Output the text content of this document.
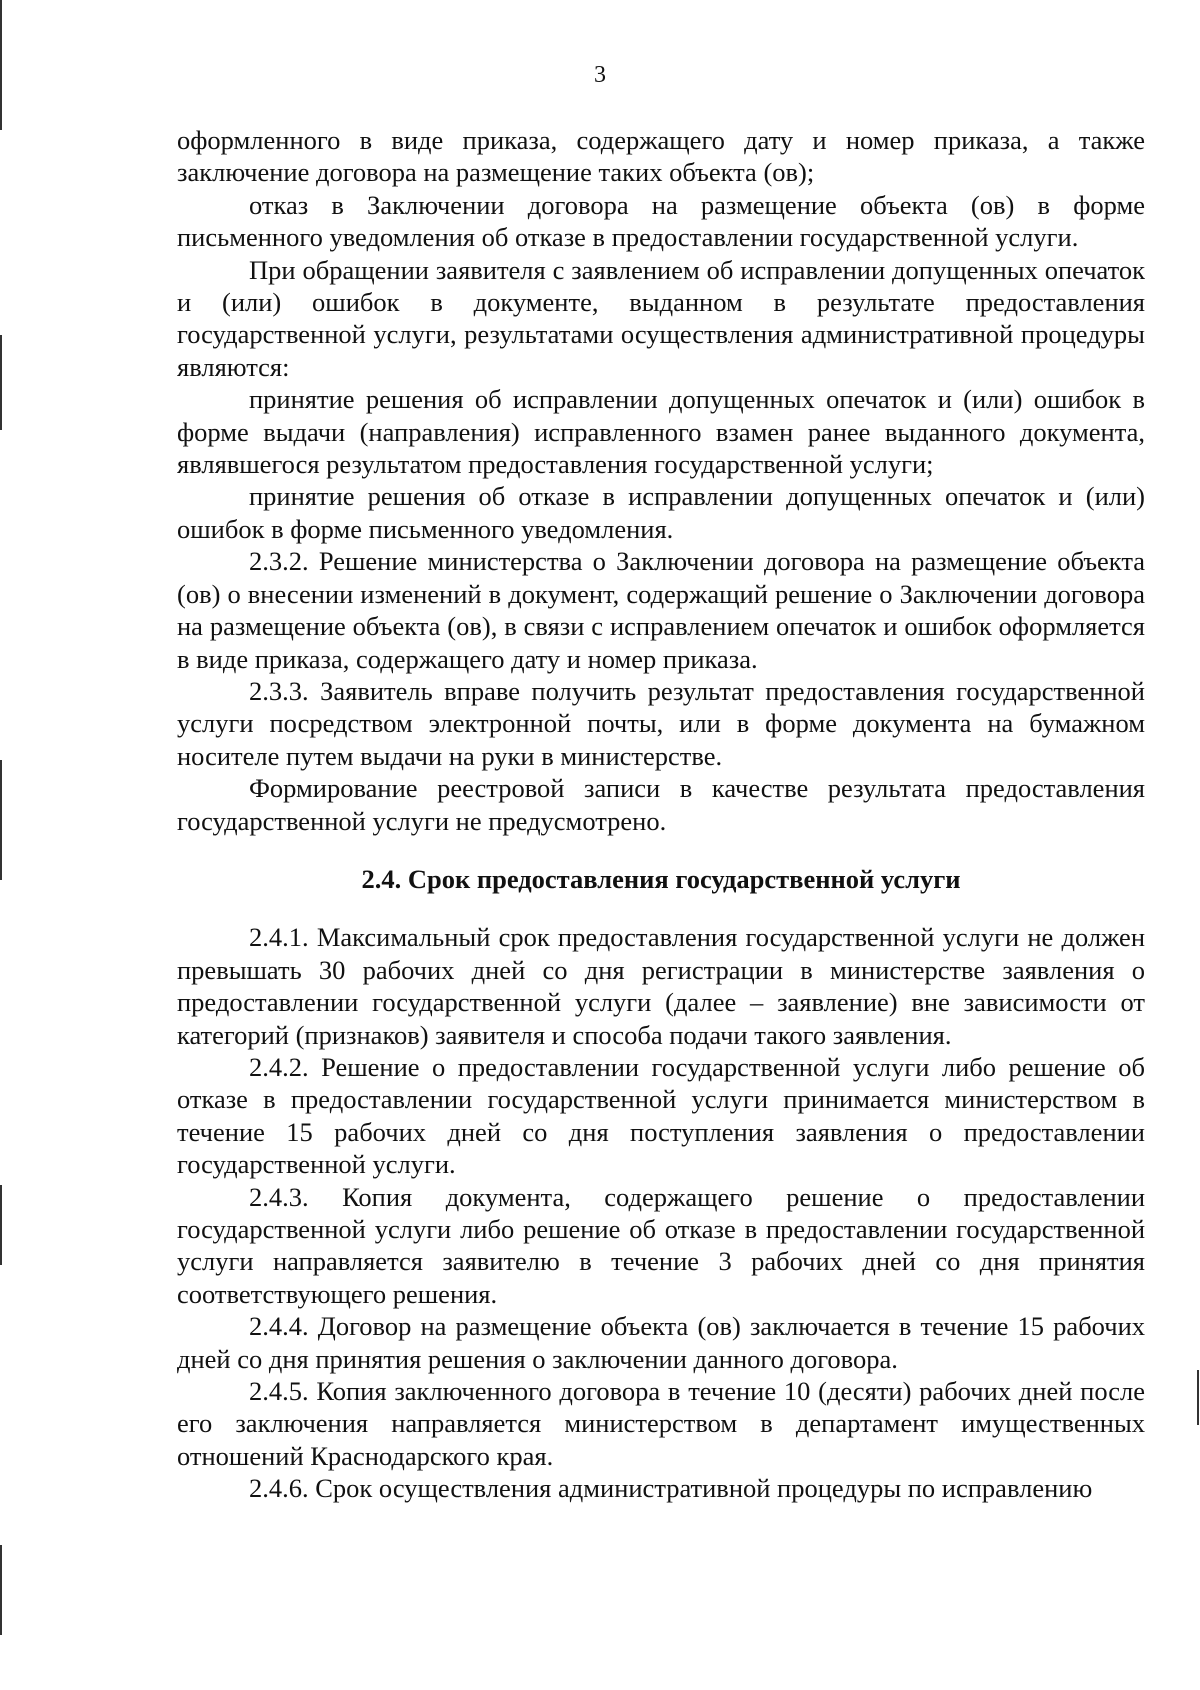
3

оформленного в виде приказа, содержащего дату и номер приказа, а также заключение договора на размещение таких объекта (ов);

отказ в Заключении договора на размещение объекта (ов) в форме письменного уведомления об отказе в предоставлении государственной услуги.

При обращении заявителя с заявлением об исправлении допущенных опечаток и (или) ошибок в документе, выданном в результате предоставления государственной услуги, результатами осуществления административной процедуры являются:

принятие решения об исправлении допущенных опечаток и (или) ошибок в форме выдачи (направления) исправленного взамен ранее выданного документа, являвшегося результатом предоставления государственной услуги;

принятие решения об отказе в исправлении допущенных опечаток и (или) ошибок в форме письменного уведомления.

2.3.2. Решение министерства о Заключении договора на размещение объекта (ов) о внесении изменений в документ, содержащий решение о Заключении договора на размещение объекта (ов), в связи с исправлением опечаток и ошибок оформляется в виде приказа, содержащего дату и номер приказа.

2.3.3. Заявитель вправе получить результат предоставления государственной услуги посредством электронной почты, или в форме документа на бумажном носителе путем выдачи на руки в министерстве.

Формирование реестровой записи в качестве результата предоставления государственной услуги не предусмотрено.

2.4. Срок предоставления государственной услуги

2.4.1. Максимальный срок предоставления государственной услуги не должен превышать 30 рабочих дней со дня регистрации в министерстве заявления о предоставлении государственной услуги (далее – заявление) вне зависимости от категорий (признаков) заявителя и способа подачи такого заявления.

2.4.2. Решение о предоставлении государственной услуги либо решение об отказе в предоставлении государственной услуги принимается министерством в течение 15 рабочих дней со дня поступления заявления о предоставлении государственной услуги.

2.4.3. Копия документа, содержащего решение о предоставлении государственной услуги либо решение об отказе в предоставлении государственной услуги направляется заявителю в течение 3 рабочих дней со дня принятия соответствующего решения.

2.4.4. Договор на размещение объекта (ов) заключается в течение 15 рабочих дней со дня принятия решения о заключении данного договора.

2.4.5. Копия заключенного договора в течение 10 (десяти) рабочих дней после его заключения направляется министерством в департамент имущественных отношений Краснодарского края.

2.4.6. Срок осуществления административной процедуры по исправлению
